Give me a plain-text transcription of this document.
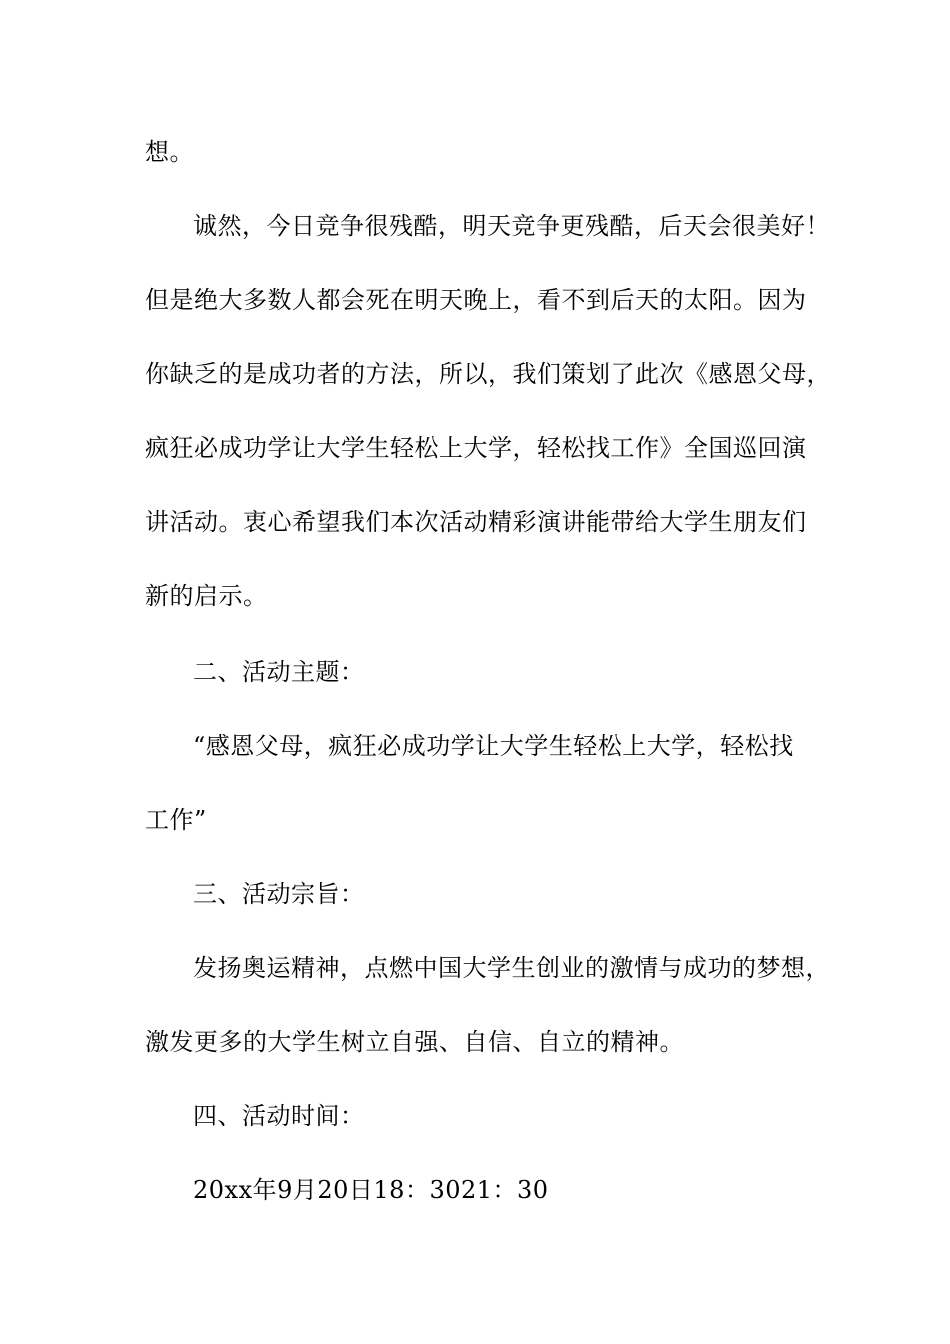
想。
诚然，今日竞争很残酷，明天竞争更残酷，后天会很美好！
但是绝大多数人都会死在明天晚上，看不到后天的太阳。因为
你缺乏的是成功者的方法，所以，我们策划了此次《感恩父母，
疯狂必成功学让大学生轻松上大学，轻松找工作》全国巡回演
讲活动。衷心希望我们本次活动精彩演讲能带给大学生朋友们
新的启示。
二、活动主题：
“感恩父母，疯狂必成功学让大学生轻松上大学，轻松找
工作”
三、活动宗旨：
发扬奥运精神，点燃中国大学生创业的激情与成功的梦想，
激发更多的大学生树立自强、自信、自立的精神。
四、活动时间：
20xx年9月20日18：3021：30
